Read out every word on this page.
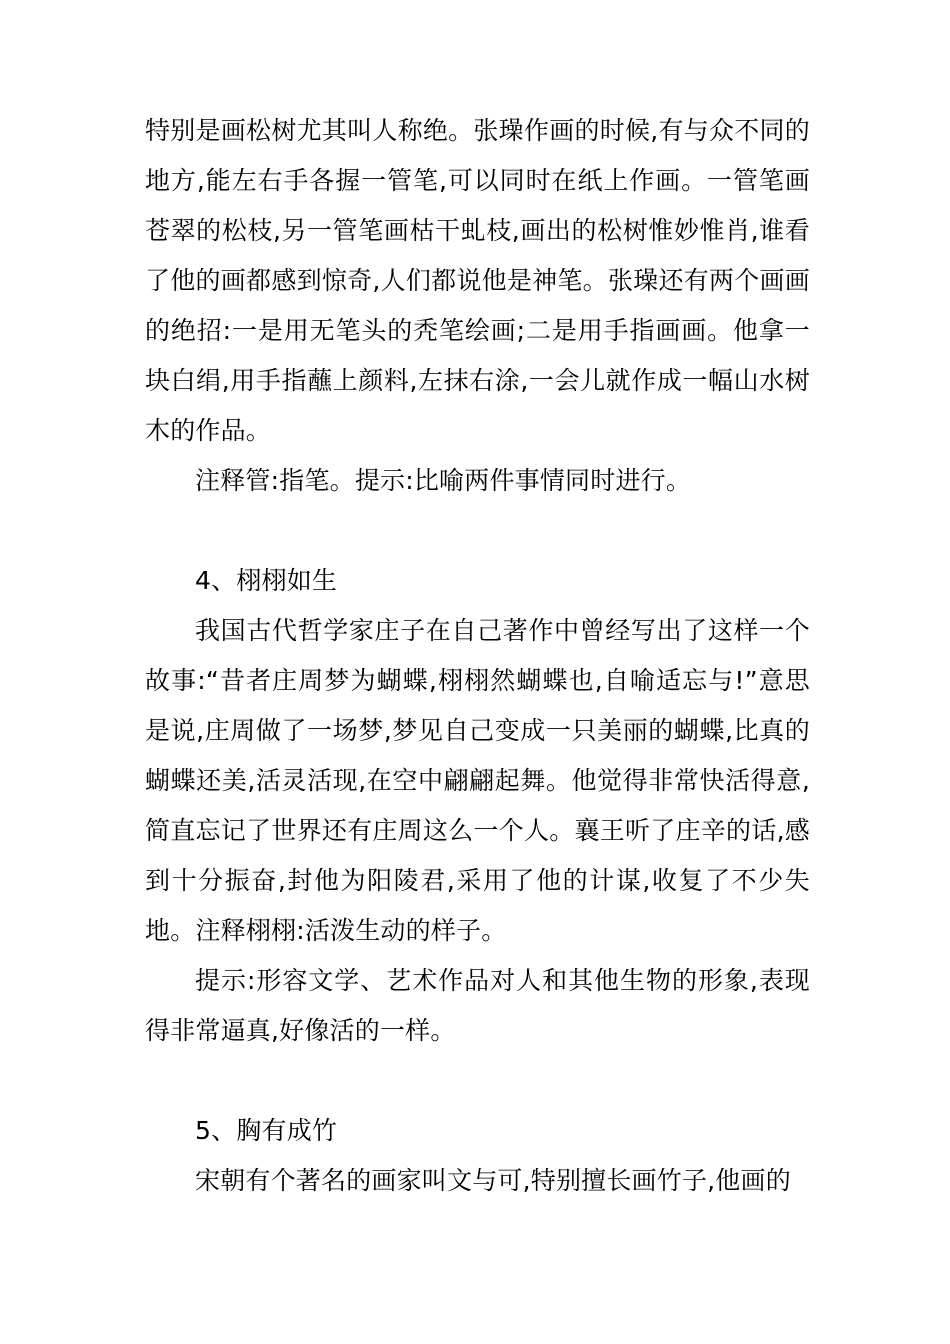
特别是画松树尤其叫人称绝。张璪作画的时候,有与众不同的地方,能左右手各握一管笔,可以同时在纸上作画。一管笔画苍翠的松枝,另一管笔画枯干虬枝,画出的松树惟妙惟肖,谁看了他的画都感到惊奇,人们都说他是神笔。张璪还有两个画画的绝招:一是用无笔头的秃笔绘画;二是用手指画画。他拿一块白绢,用手指蘸上颜料,左抹右涂,一会儿就作成一幅山水树木的作品。

注释管:指笔。提示:比喻两件事情同时进行。

4、栩栩如生

我国古代哲学家庄子在自己著作中曾经写出了这样一个故事:“昔者庄周梦为蝴蝶,栩栩然蝴蝶也,自喻适忘与!”意思是说,庄周做了一场梦,梦见自己变成一只美丽的蝴蝶,比真的蝴蝶还美,活灵活现,在空中翩翩起舞。他觉得非常快活得意,简直忘记了世界还有庄周这么一个人。襄王听了庄辛的话,感到十分振奋,封他为阳陵君,采用了他的计谋,收复了不少失地。注释栩栩:活泼生动的样子。

提示:形容文学、艺术作品对人和其他生物的形象,表现得非常逼真,好像活的一样。

5、胸有成竹

宋朝有个著名的画家叫文与可,特别擅长画竹子,他画的
